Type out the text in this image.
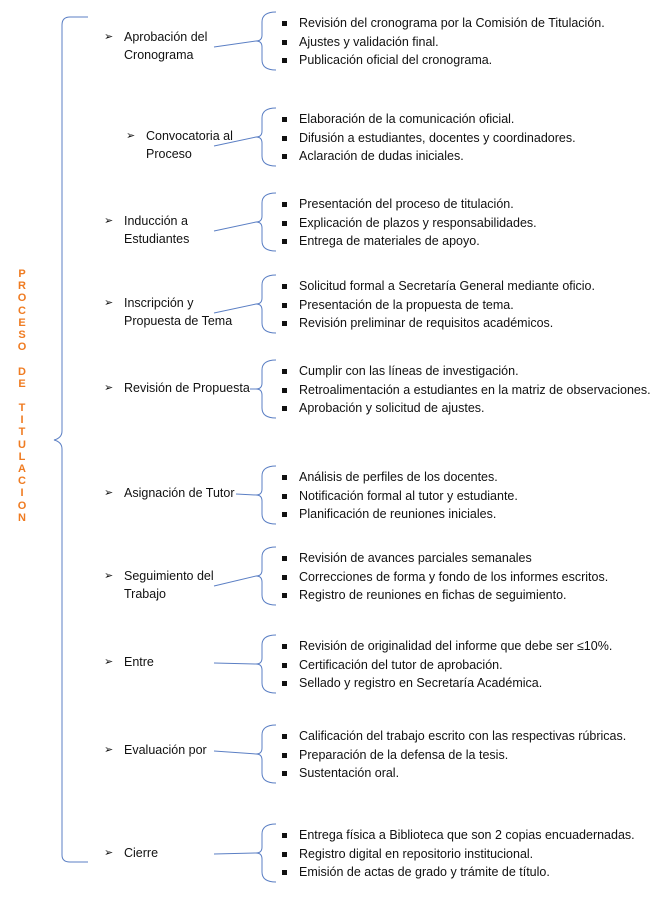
P
R
O
C
E
S
O

D
E

T
I
T
U
L
A
C
I
O
N
➢ Aprobación del
Cronograma
Revisión del cronograma por la Comisión de Titulación.
Ajustes y validación final.
Publicación oficial del cronograma.
➢ Convocatoria al
Proceso
Elaboración de la comunicación oficial.
Difusión a estudiantes, docentes y coordinadores.
Aclaración de dudas iniciales.
➢ Inducción a
Estudiantes
Presentación del proceso de titulación.
Explicación de plazos y responsabilidades.
Entrega de materiales de apoyo.
➢ Inscripción y
Propuesta de Tema
Solicitud formal a Secretaría General mediante oficio.
Presentación de la propuesta de tema.
Revisión preliminar de requisitos académicos.
➢ Revisión de Propuesta
Cumplir con las líneas de investigación.
Retroalimentación a estudiantes en la matriz de observaciones.
Aprobación y solicitud de ajustes.
➢ Asignación de Tutor
Análisis de perfiles de los docentes.
Notificación formal al tutor y estudiante.
Planificación de reuniones iniciales.
➢ Seguimiento del
Trabajo
Revisión de avances parciales semanales
Correcciones de forma y fondo de los informes escritos.
Registro de reuniones en fichas de seguimiento.
➢ Entre
Revisión de originalidad del informe que debe ser ≤10%.
Certificación del tutor de aprobación.
Sellado y registro en Secretaría Académica.
➢ Evaluación por
Calificación del trabajo escrito con las respectivas rúbricas.
Preparación de la defensa de la tesis.
Sustentación oral.
➢ Cierre
Entrega física a Biblioteca que son 2 copias encuadernadas.
Registro digital en repositorio institucional.
Emisión de actas de grado y trámite de título.
